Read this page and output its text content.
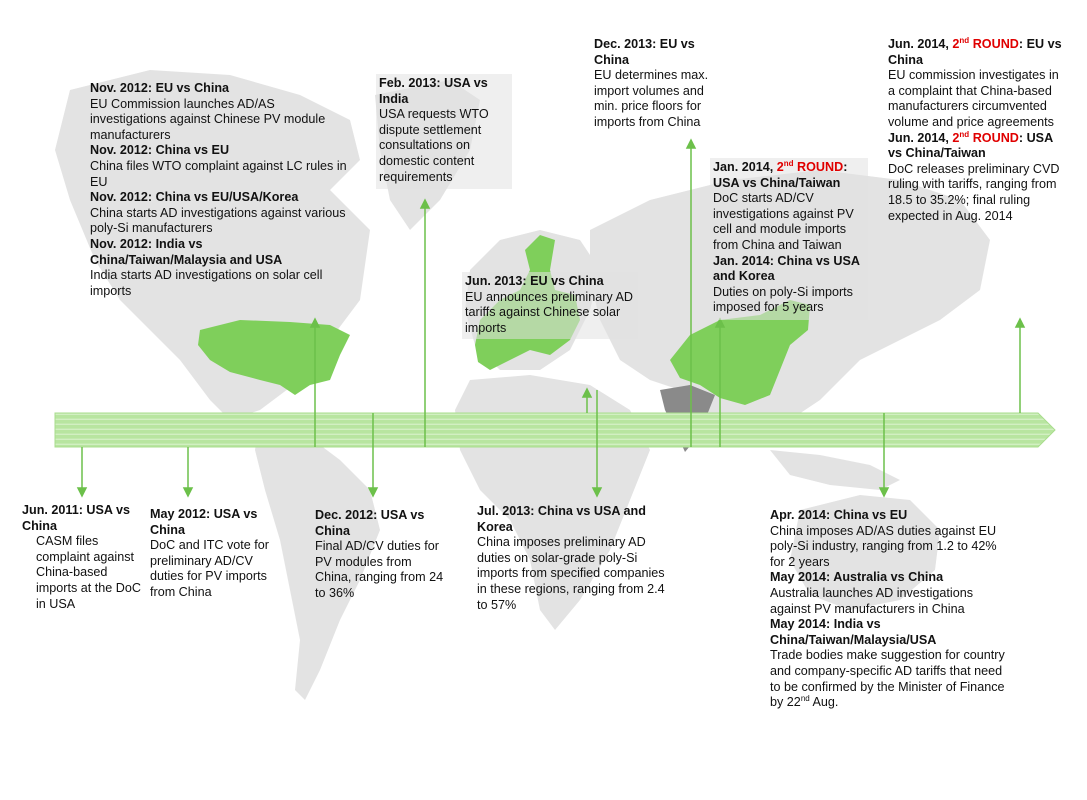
Nov. 2012: EU vs China
EU Commission launches AD/AS investigations against Chinese PV module manufacturers
Nov. 2012: China vs EU
China files WTO complaint against LC rules in EU
Nov. 2012: China vs EU/USA/Korea
China starts AD investigations against various poly-Si manufacturers
Nov. 2012: India vs China/Taiwan/Malaysia and USA
India starts AD investigations on solar cell imports
Feb. 2013: USA vs India
USA requests WTO dispute settlement consultations on domestic content requirements
Jun. 2013: EU vs China
EU announces preliminary AD tariffs against Chinese solar imports
Dec. 2013: EU vs China
EU determines max. import volumes and min. price floors for imports from China
Jan. 2014, 2nd ROUND: USA vs China/Taiwan
DoC starts AD/CV investigations against PV cell and module imports from China and Taiwan
Jan. 2014: China vs USA and Korea
Duties on poly-Si imports imposed for 5 years
Jun. 2014, 2nd ROUND: EU vs China
EU commission investigates in a complaint that China-based manufacturers circumvented volume and price agreements
Jun. 2014, 2nd ROUND: USA vs China/Taiwan
DoC releases preliminary CVD ruling with tariffs, ranging from 18.5 to 35.2%; final ruling expected in Aug. 2014
Jun. 2011: USA vs China
CASM files complaint against China-based imports at the DoC in USA
May 2012: USA vs China
DoC and ITC vote for preliminary AD/CV duties for PV imports from China
Dec. 2012: USA vs China
Final AD/CV duties for PV modules from China, ranging from 24 to 36%
Jul. 2013: China vs USA and Korea
China imposes preliminary AD duties on solar-grade poly-Si imports from specified companies in these regions, ranging from 2.4 to 57%
Apr. 2014: China vs EU
China imposes AD/AS duties against EU poly-Si industry, ranging from 1.2 to 42% for 2 years
May 2014: Australia vs China
Australia launches AD investigations against PV manufacturers in China
May 2014: India vs China/Taiwan/Malaysia/USA
Trade bodies make suggestion for country and company-specific AD tariffs that need to be confirmed by the Minister of Finance by 22nd Aug.
